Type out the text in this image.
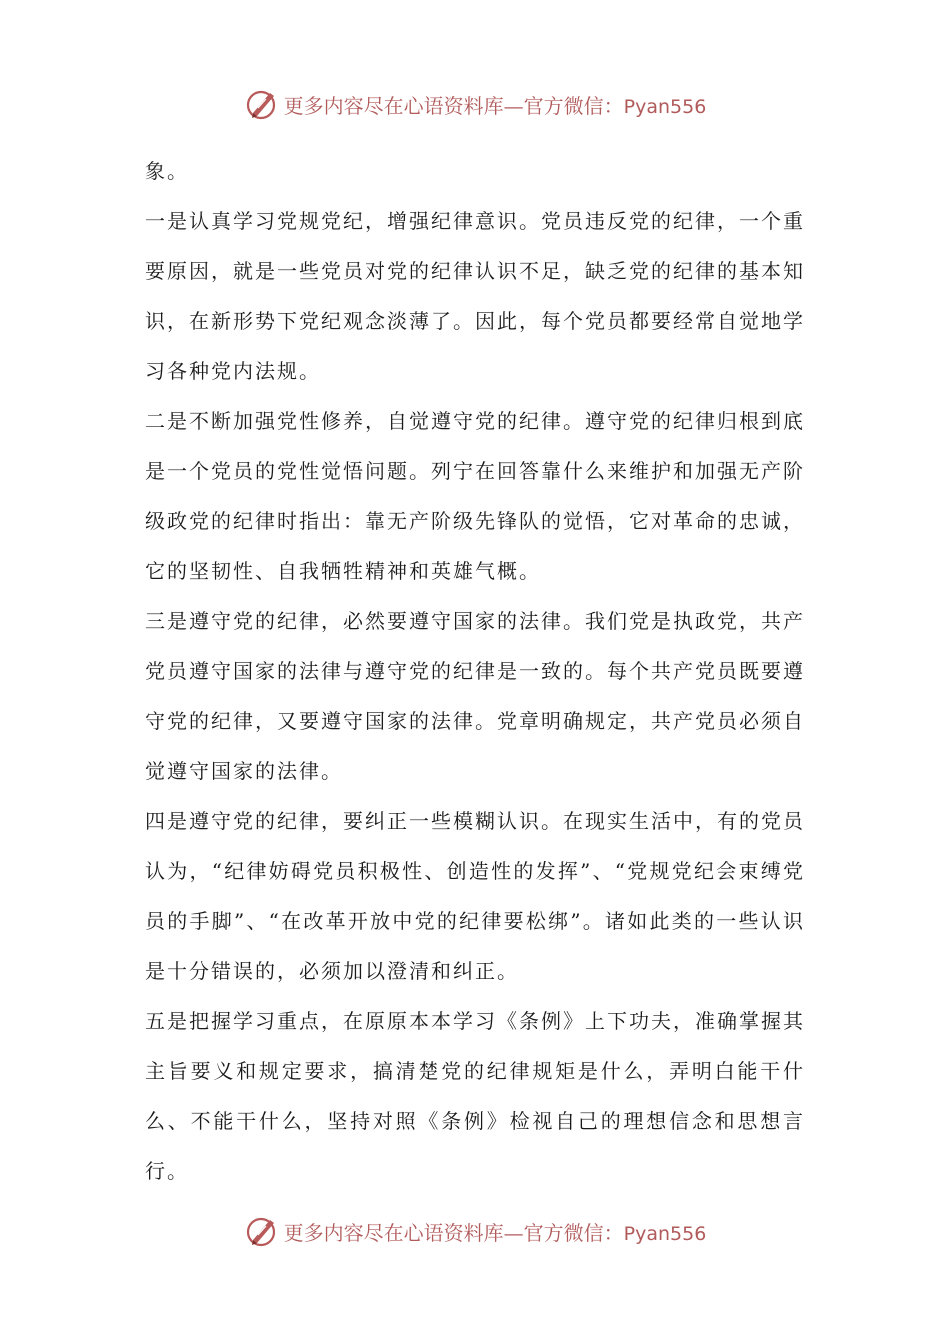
更多内容尽在心语资料库—官方微信：Pyan556

象。

一是认真学习党规党纪，增强纪律意识。党员违反党的纪律，一个重要原因，就是一些党员对党的纪律认识不足，缺乏党的纪律的基本知识，在新形势下党纪观念淡薄了。因此，每个党员都要经常自觉地学习各种党内法规。

二是不断加强党性修养，自觉遵守党的纪律。遵守党的纪律归根到底是一个党员的党性觉悟问题。列宁在回答靠什么来维护和加强无产阶级政党的纪律时指出：靠无产阶级先锋队的觉悟，它对革命的忠诚，它的坚韧性、自我牺牲精神和英雄气概。

三是遵守党的纪律，必然要遵守国家的法律。我们党是执政党，共产党员遵守国家的法律与遵守党的纪律是一致的。每个共产党员既要遵守党的纪律，又要遵守国家的法律。党章明确规定，共产党员必须自觉遵守国家的法律。

四是遵守党的纪律，要纠正一些模糊认识。在现实生活中，有的党员认为，“纪律妨碍党员积极性、创造性的发挥”、“党规党纪会束缚党员的手脚”、“在改革开放中党的纪律要松绑”。诸如此类的一些认识是十分错误的，必须加以澄清和纠正。

五是把握学习重点，在原原本本学习《条例》上下功夫，准确掌握其主旨要义和规定要求，搞清楚党的纪律规矩是什么，弄明白能干什么、不能干什么，坚持对照《条例》检视自己的理想信念和思想言行。

更多内容尽在心语资料库—官方微信：Pyan556
